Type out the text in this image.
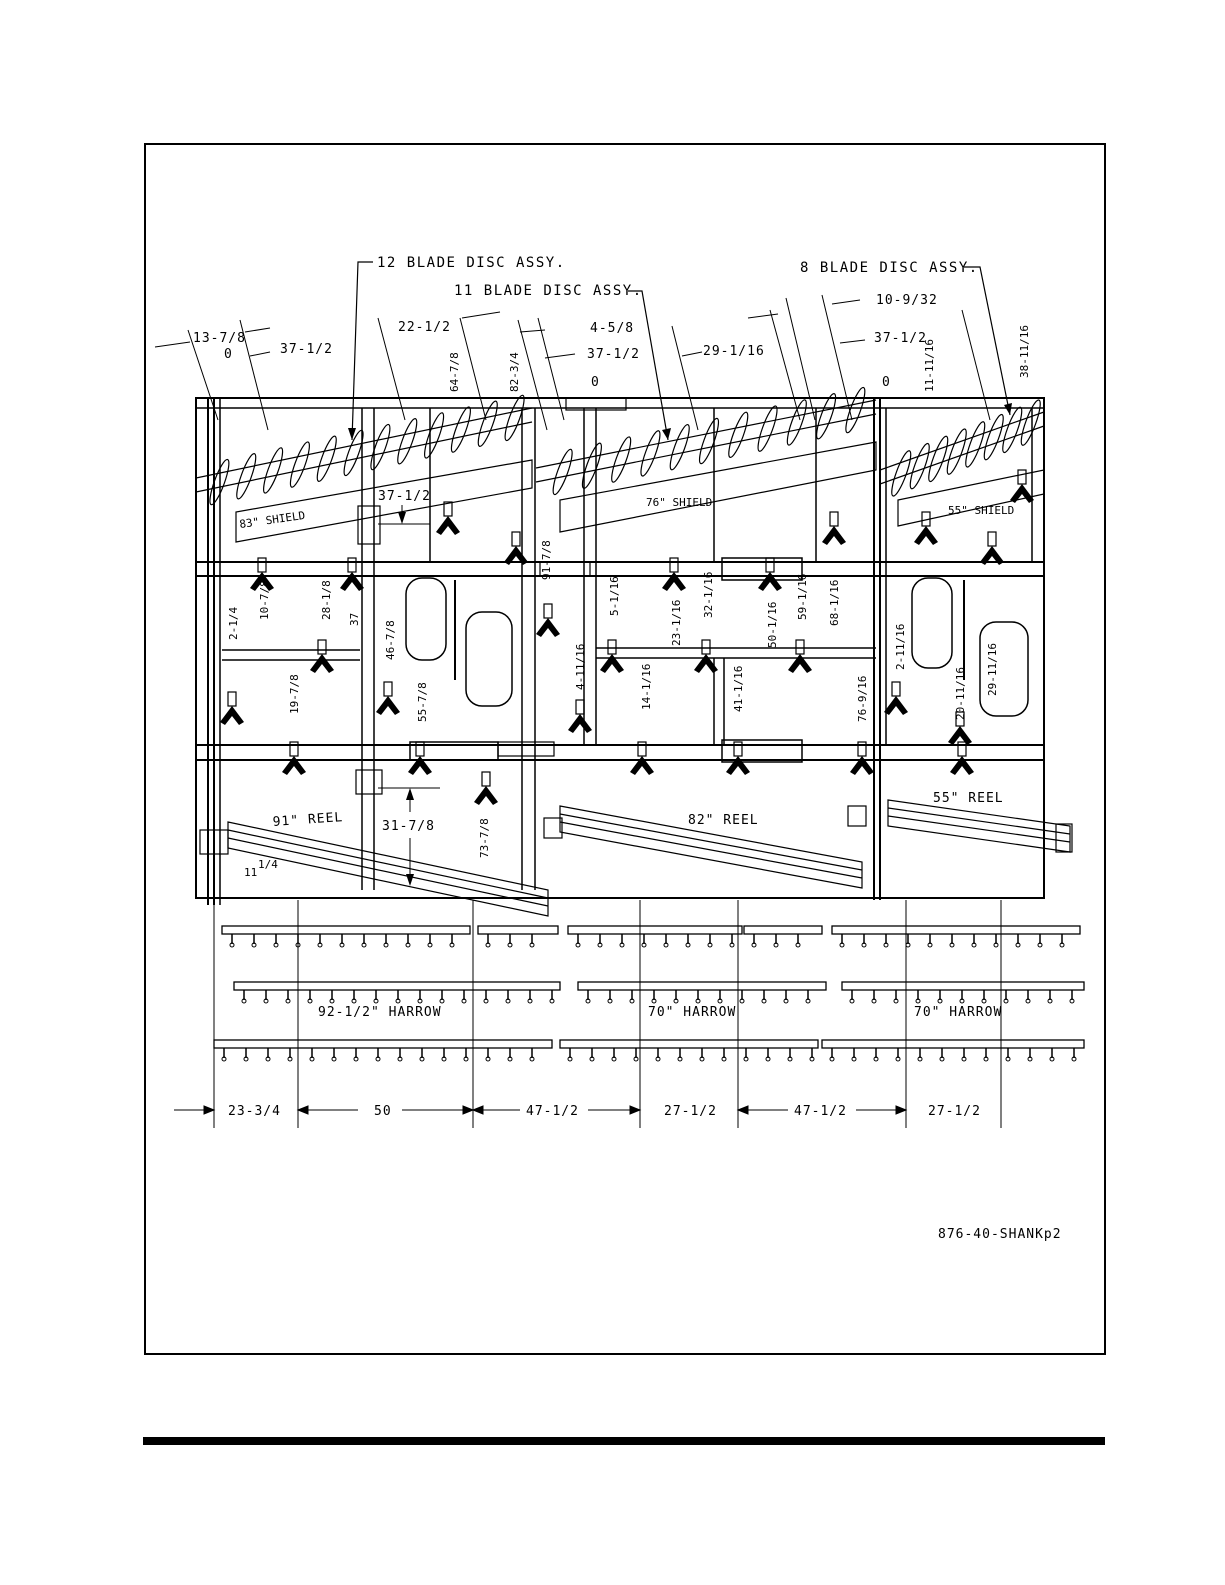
12 BLADE DISC ASSY.
11 BLADE DISC ASSY.
8 BLADE DISC ASSY.
13-7/8
37-1/2
22-1/2	4-5/8
37-1/2	29-1/16
10-9/32
37-1/2
0
0	0
64-7/8	82-3/4	11-11/16	38-11/16
83" SHIELD
76" SHIELD
55" SHIELD
37-1/2
31-7/8
2-1/4
10-7/8	28-1/8 37
46-7/8
19-7/8	55-7/8
91-7/8
4-11/16
5-1/16
14-1/16
23-1/16
32-1/16
41-1/16
50-1/16
59-1/16 68-1/16
76-9/16
73-7/8
2-11/16
20-11/16 29-11/16
91" REEL	82" REEL
55" REEL
11
1/4
92-1/2" HARROW	70" HARROW	70" HARROW
23-3/4	50	47-1/2	27-1/2	47-1/2	27-1/2
876-40-SHANKp2
